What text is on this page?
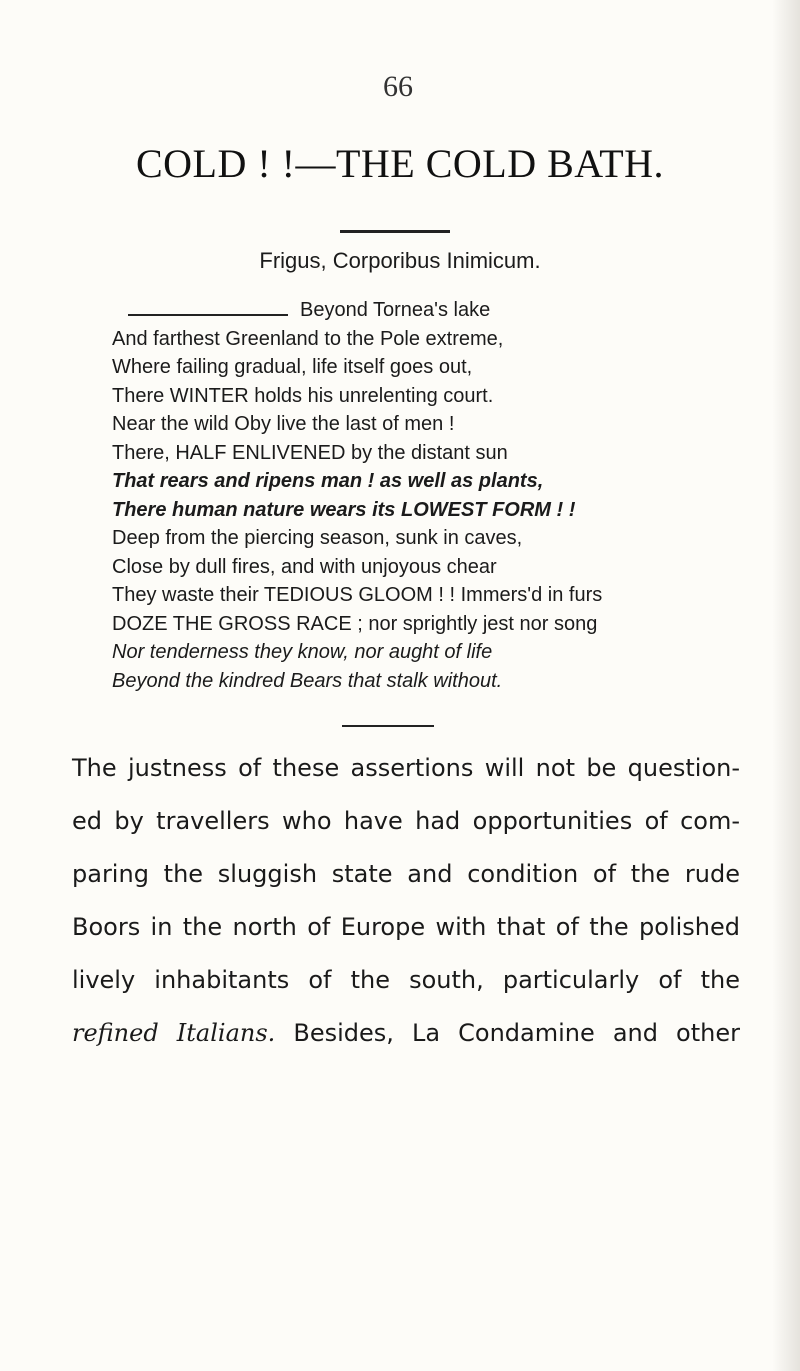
66
COLD ! !—THE COLD BATH.
Frigus, Corporibus Inimicum.
Beyond Tornea's lake
And farthest Greenland to the Pole extreme,
Where failing gradual, life itself goes out,
There WINTER holds his unrelenting court.
Near the wild Oby live the last of men !
There, HALF ENLIVENED by the distant sun
That rears and ripens man ! as well as plants,
There human nature wears its LOWEST FORM ! !
Deep from the piercing season, sunk in caves,
Close by dull fires, and with unjoyous chear
They waste their TEDIOUS GLOOM ! ! Immers'd in furs
DOZE THE GROSS RACE ; nor sprightly jest nor song
Nor tenderness they know, nor aught of life
Beyond the kindred Bears that stalk without.
The justness of these assertions will not be question-
ed by travellers who have had opportunities of com-
paring the sluggish state and condition of the rude
Boors in the north of Europe with that of the polished
lively inhabitants of the south, particularly of the
refined Italians. Besides, La Condamine and other
